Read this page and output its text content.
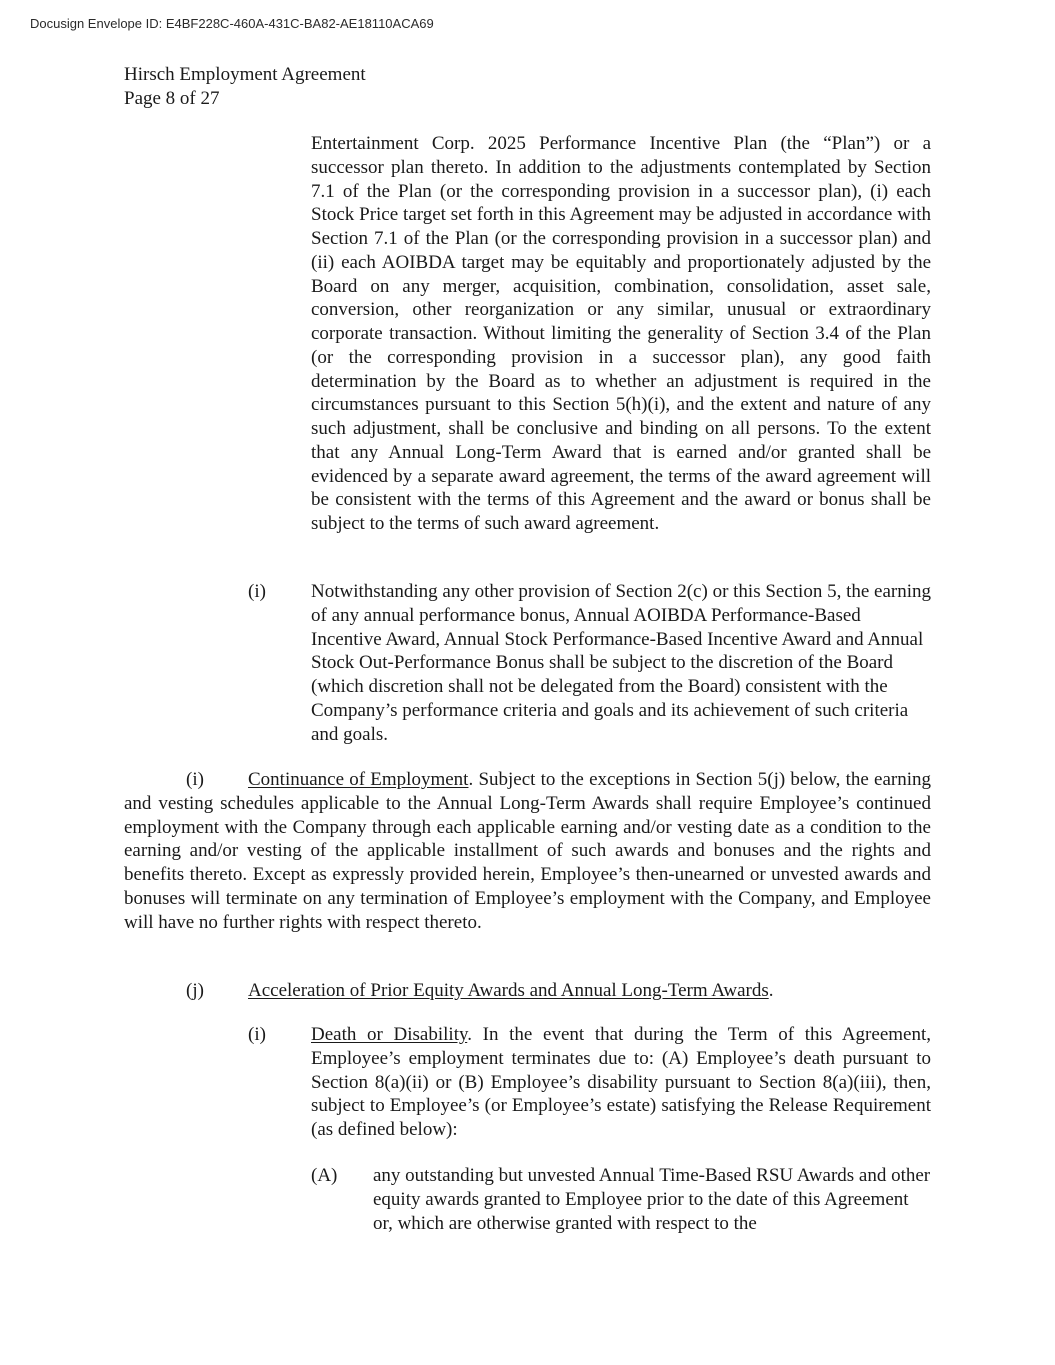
Docusign Envelope ID: E4BF228C-460A-431C-BA82-AE18110ACA69
Hirsch Employment Agreement
Page 8 of 27
Entertainment Corp. 2025 Performance Incentive Plan (the “Plan”) or a successor plan thereto. In addition to the adjustments contemplated by Section 7.1 of the Plan (or the corresponding provision in a successor plan), (i) each Stock Price target set forth in this Agreement may be adjusted in accordance with Section 7.1 of the Plan (or the corresponding provision in a successor plan) and (ii) each AOIBDA target may be equitably and proportionately adjusted by the Board on any merger, acquisition, combination, consolidation, asset sale, conversion, other reorganization or any similar, unusual or extraordinary corporate transaction. Without limiting the generality of Section 3.4 of the Plan (or the corresponding provision in a successor plan), any good faith determination by the Board as to whether an adjustment is required in the circumstances pursuant to this Section 5(h)(i), and the extent and nature of any such adjustment, shall be conclusive and binding on all persons. To the extent that any Annual Long-Term Award that is earned and/or granted shall be evidenced by a separate award agreement, the terms of the award agreement will be consistent with the terms of this Agreement and the award or bonus shall be subject to the terms of such award agreement.
(i) Notwithstanding any other provision of Section 2(c) or this Section 5, the earning of any annual performance bonus, Annual AOIBDA Performance-Based Incentive Award, Annual Stock Performance-Based Incentive Award and Annual Stock Out-Performance Bonus shall be subject to the discretion of the Board (which discretion shall not be delegated from the Board) consistent with the Company’s performance criteria and goals and its achievement of such criteria and goals.
(i) Continuance of Employment. Subject to the exceptions in Section 5(j) below, the earning and vesting schedules applicable to the Annual Long-Term Awards shall require Employee’s continued employment with the Company through each applicable earning and/or vesting date as a condition to the earning and/or vesting of the applicable installment of such awards and bonuses and the rights and benefits thereto. Except as expressly provided herein, Employee’s then-unearned or unvested awards and bonuses will terminate on any termination of Employee’s employment with the Company, and Employee will have no further rights with respect thereto.
(j) Acceleration of Prior Equity Awards and Annual Long-Term Awards.
(i) Death or Disability. In the event that during the Term of this Agreement, Employee’s employment terminates due to: (A) Employee’s death pursuant to Section 8(a)(ii) or (B) Employee’s disability pursuant to Section 8(a)(iii), then, subject to Employee’s (or Employee’s estate) satisfying the Release Requirement (as defined below):
(A) any outstanding but unvested Annual Time-Based RSU Awards and other equity awards granted to Employee prior to the date of this Agreement or, which are otherwise granted with respect to the
